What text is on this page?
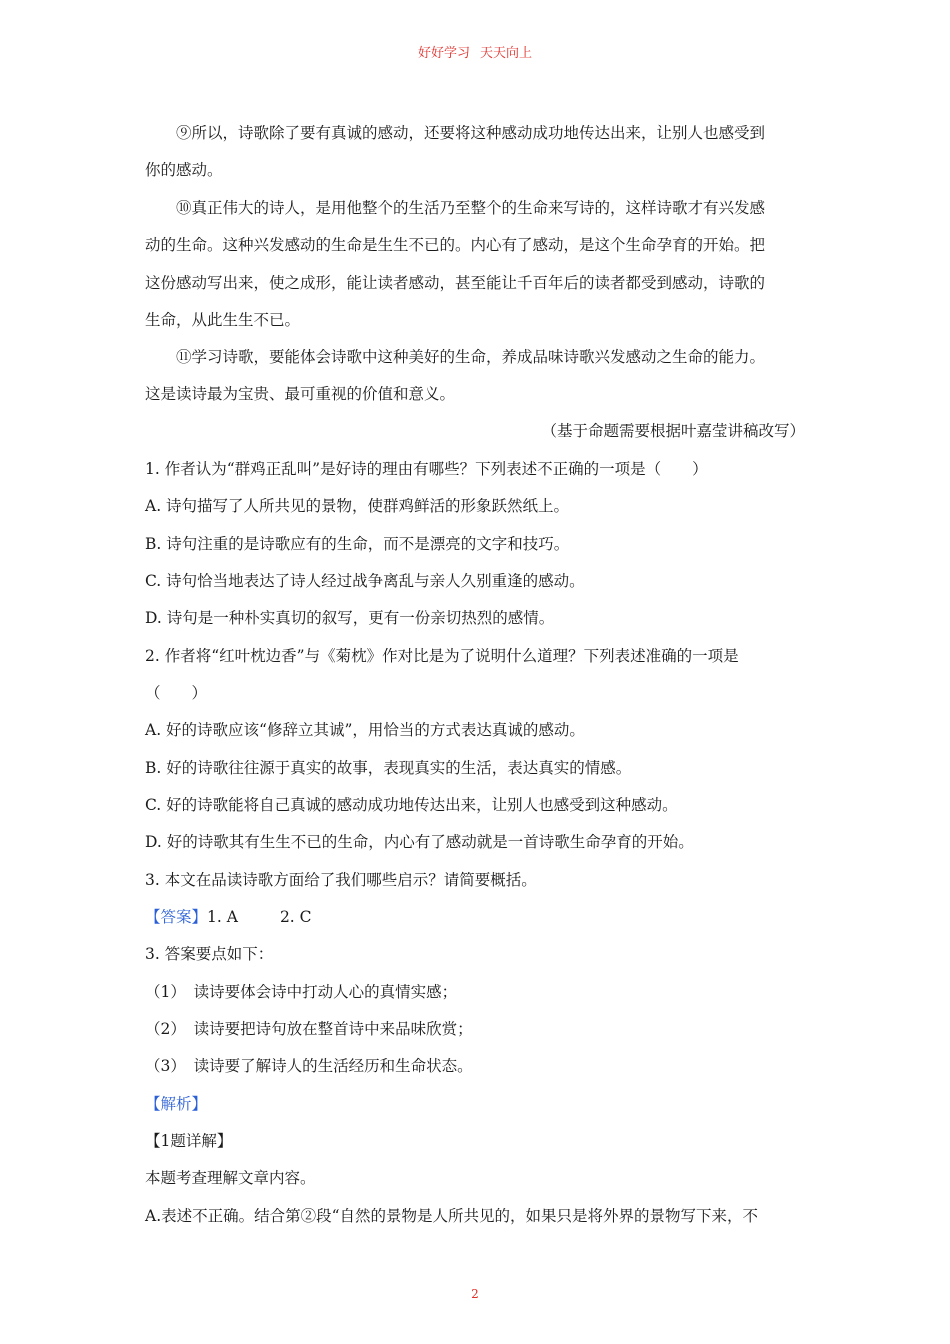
好好学习 天天向上
⑨所以，诗歌除了要有真诚的感动，还要将这种感动成功地传达出来，让别人也感受到
你的感动。
⑩真正伟大的诗人，是用他整个的生活乃至整个的生命来写诗的，这样诗歌才有兴发感
动的生命。这种兴发感动的生命是生生不已的。内心有了感动，是这个生命孕育的开始。把
这份感动写出来，使之成形，能让读者感动，甚至能让千百年后的读者都受到感动，诗歌的
生命，从此生生不已。
⑪学习诗歌，要能体会诗歌中这种美好的生命，养成品味诗歌兴发感动之生命的能力。
这是读诗最为宝贵、最可重视的价值和意义。
（基于命题需要根据叶嘉莹讲稿改写）
1. 作者认为“群鸡正乱叫”是好诗的理由有哪些？下列表述不正确的一项是（　　）
A. 诗句描写了人所共见的景物，使群鸡鲜活的形象跃然纸上。
B. 诗句注重的是诗歌应有的生命，而不是漂亮的文字和技巧。
C. 诗句恰当地表达了诗人经过战争离乱与亲人久别重逢的感动。
D. 诗句是一种朴实真切的叙写，更有一份亲切热烈的感情。
2. 作者将“红叶枕边香”与《菊枕》作对比是为了说明什么道理？下列表述准确的一项是
（　　）
A. 好的诗歌应该“修辞立其诚”，用恰当的方式表达真诚的感动。
B. 好的诗歌往往源于真实的故事，表现真实的生活，表达真实的情感。
C. 好的诗歌能将自己真诚的感动成功地传达出来，让别人也感受到这种感动。
D. 好的诗歌其有生生不已的生命，内心有了感动就是一首诗歌生命孕育的开始。
3. 本文在品读诗歌方面给了我们哪些启示？请简要概括。
【答案】1. A	2. C
3. 答案要点如下：
（1）　读诗要体会诗中打动人心的真情实感；
（2）　读诗要把诗句放在整首诗中来品味欣赏；
（3）　读诗要了解诗人的生活经历和生命状态。
【解析】
【1题详解】
本题考查理解文章内容。
A.表述不正确。结合第②段“自然的景物是人所共见的，如果只是将外界的景物写下来，不
2
